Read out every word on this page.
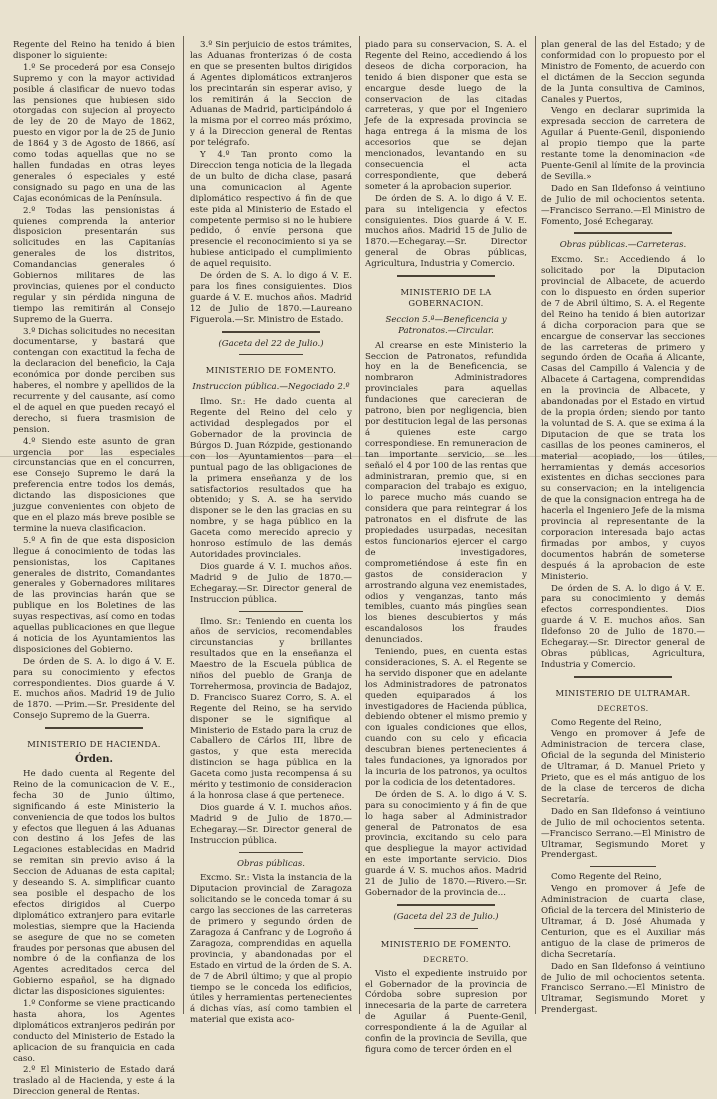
Regente del Reino ha tenido á bien disponer lo siguiente:

1.º Se procederá por esa Consejo Supremo y con la mayor actividad posible á clasificar de nuevo todas las pensiones que hubiesen sido otorgadas con sujecion al proyecto de ley de 20 de Mayo de 1862, puesto en vigor por la de 25 de Junio de 1864 y 3 de Agosto de 1866, así como todas aquellas que no se hallen fundadas en otras leyes generales ó especiales y esté consignado su pago en una de las Cajas económicas de la Península.

2.º Todas las pensionistas á quienes comprenda la anterior disposicion presentarán sus solicitudes en las Capitanías generales de los distritos, Comandancias generales ó Gobiernos militares de las provincias, quienes por el conducto regular y sin pérdida ninguna de tiempo las remitirán al Consejo Supremo de la Guerra.

3.º Dichas solicitudes no necesitan documentarse, y bastará que contengan con exactitud la fecha de la declaracion del beneficio, la Caja económica por donde perciben sus haberes, el nombre y apellidos de la recurrente y del causante, así como el de aquel en que pueden recayó el derecho, si fuera trasmision de pension.

4.º Siendo este asunto de gran urgencia por las especiales circunstancias que en el concurren, ese Consejo Supremo le dará la preferencia entre todos los demás, dictando las disposiciones que juzgue convenientes con objeto de que en el plazo más breve posible se termine la nueva clasificacion.

5.º A fin de que esta disposicion llegue á conocimiento de todas las pensionistas, los Capitanes generales de distrito, Comandantes generales y Gobernadores militares de las provincias harán que se publique en los Boletines de las suyas respectivas, así como en todas aquellas publicaciones en que llegue á noticia de los Ayuntamientos las disposiciones del Gobierno.

De órden de S. A. lo digo á V. E. para su conocimiento y efectos correspondientes. Dios guarde á V. E. muchos años. Madrid 19 de Julio de 1870. —Prim.—Sr. Presidente del Consejo Supremo de la Guerra.

MINISTERIO DE HACIENDA.
Órden.

He dado cuenta al Regente del Reino de la comunicacion de V. E., fecha 30 de Junio último, significando á este Ministerio la conveniencia de que todos los bultos y efectos que lleguen á las Aduanas con destino á los Jefes de las Legaciones establecidas en Madrid se remitan sin previo aviso á la Seccion de Aduanas de esta capital; y deseando S. A. simplificar cuanto sea posible el despacho de los efectos dirigidos al Cuerpo diplomático extranjero para evitarle molestias, siempre que la Hacienda se asegure de que no se cometen fraudes por personas que abusen del nombre ó de la confianza de los Agentes acreditados cerca del Gobierno español, se ha dignado dictar las disposiciones siguientes:

1.º Conforme se viene practicando hasta ahora, los Agentes diplomáticos extranjeros pedirán por conducto del Ministerio de Estado la aplicacion de su franquicia en cada caso.

2.º El Ministerio de Estado dará traslado al de Hacienda, y este á la Direccion general de Rentas.

3.º Sin perjuicio de estos trámites, las Aduanas fronterizas ó de costa en que se presenten bultos dirigidos á Agentes diplomáticos extranjeros los precintarán sin esperar aviso, y los remitirán á la Seccion de Aduanas de Madrid, participándolo á la misma por el correo más próximo, y á la Direccion general de Rentas por telégrafo.

Y 4.º Tan pronto como la Direccion tenga noticia de la llegada de un bulto de dicha clase, pasará una comunicacion al Agente diplomático respectivo á fin de que este pida al Ministerio de Estado el competente permiso si no le hubiere pedido, ó envíe persona que presencie el reconocimiento si ya se hubiese anticipado el cumplimiento de aquel requisito.

De órden de S. A. lo digo á V. E. para los fines consiguientes. Dios guarde á V. E. muchos años. Madrid 12 de Julio de 1870.—Laureano Figuerola.—Sr. Ministro de Estado.

(Gaceta del 22 de Julio.)
MINISTERIO DE FOMENTO.
Instruccion pública.—Negociado 2.º

Ilmo. Sr.: He dado cuenta al Regente del Reino del celo y actividad desplegados por el Gobernador de la provincia de Búrgos D. Juan Rózpide, gestionando con los Ayuntamientos para el puntual pago de las obligaciones de la primera enseñanza y de los satisfactorios resultados que ha obtenido; y S. A. se ha servido disponer se le den las gracias en su nombre, y se haga público en la Gaceta como merecido aprecio y honroso estímulo de las demás Autoridades provinciales.

Dios guarde á V. I. muchos años. Madrid 9 de Julio de 1870.—Echegaray.—Sr. Director general de Instruccion pública.

Ilmo. Sr.: Teniendo en cuenta los años de servicios, recomendables circunstancias y brillantes resultados que en la enseñanza el Maestro de la Escuela pública de niños del pueblo de Granja de Torrehermosa, provincia de Badajoz, D. Francisco Suarez Corro, S. A. el Regente del Reino, se ha servido disponer se le signifique al Ministerio de Estado para la cruz de Caballero de Cárlos III, libre de gastos, y que esta merecida distincion se haga pública en la Gaceta como justa recompensa á su mérito y testimonio de consideracion á la honrosa clase á que pertenece.

Dios guarde á V. I. muchos años. Madrid 9 de Julio de 1870.—Echegaray.—Sr. Director general de Instruccion pública.

Obras públicas.

Excmo. Sr.: Vista la instancia de la Diputacion provincial de Zaragoza solicitando se le conceda tomar á su cargo las secciones de las carreteras de primero y segundo órden de Zaragoza á Canfranc y de Logroño á Zaragoza, comprendidas en aquella provincia, y abandonadas por el Estado en virtud de la órden de S. A. de 7 de Abril último; y que al propio tiempo se le conceda los edificios, útiles y herramientas pertenecientes á dichas vías, así como tambien el material que exista aco-

piado para su conservacion, S. A. el Regente del Reino, accediendo á los deseos de dicha corporacion, ha tenido á bien disponer que esta se encargue desde luego de la conservacion de las citadas carreteras, y que por el Ingeniero Jefe de la expresada provincia se haga entrega á la misma de los accesorios que se dejan mencionados, levantando en su consecuencia el acta correspondiente, que deberá someter á la aprobacion superior.

De órden de S. A. lo digo á V. E. para su inteligencia y efectos consiguientes. Dios guarde á V. E. muchos años. Madrid 15 de Julio de 1870.—Echegaray.—Sr. Director general de Obras públicas, Agricultura, Industria y Comercio.

MINISTERIO DE LA GOBERNACION.
Seccion 5.ª—Beneficencia y Patronatos.—Circular.

Al crearse en este Ministerio la Seccion de Patronatos, refundida hoy en la de Beneficencia, se nombraron Administradores provinciales para aquellas fundaciones que carecieran de patrono, bien por negligencia, bien por destitucion legal de las personas á quienes este cargo correspondiese. En remuneracion de tan importante servicio, se les señaló el 4 por 100 de las rentas que administraran, premio que, si en comparacion del trabajo es exiguo, lo parece mucho más cuando se considera que para reintegrar á los patronatos en el disfrute de las propiedades usurpadas, necesitan estos funcionarios ejercer el cargo de investigadores, comprometiéndose á este fin en gastos de consideracion y arrostrando alguna vez enemistades, odios y venganzas, tanto más temibles, cuanto más pingües sean los bienes descubiertos y más escandalosos los fraudes denunciados.

Teniendo, pues, en cuenta estas consideraciones, S. A. el Regente se ha servido disponer que en adelante los Administradores de patronatos queden equiparados á los investigadores de Hacienda pública, debiendo obtener el mismo premio y con iguales condiciones que ellos, cuando con su celo y eficacia descubran bienes pertenecientes á tales fundaciones, ya ignorados por la incuria de los patronos, ya ocultos por la codicia de los detentadores.

De órden de S. A. lo digo á V. S. para su conocimiento y á fin de que lo haga saber al Administrador general de Patronatos de esa provincia, excitando su celo para que despliegue la mayor actividad en este importante servicio. Dios guarde á V. S. muchos años. Madrid 21 de Julio de 1870.—Rivero.—Sr. Gobernador de la provincia de...

(Gaceta del 23 de Julio.)
MINISTERIO DE FOMENTO.
DECRETO.

Visto el expediente instruido por el Gobernador de la provincia de Córdoba sobre supresion por innecesaria de la parte de carretera de Aguilar á Puente-Genil, correspondiente á la de Aguilar al confin de la provincia de Sevilla, que figura como de tercer órden en el

plan general de las del Estado; y de conformidad con lo propuesto por el Ministro de Fomento, de acuerdo con el dictámen de la Seccion segunda de la Junta consultiva de Caminos, Canales y Puertos,

Vengo en declarar suprimida la expresada seccion de carretera de Aguilar á Puente-Genil, disponiendo al propio tiempo que la parte restante tome la denominacion «de Puente-Genil al límite de la provincia de Sevilla.»

Dado en San Ildefonso á veintiuno de Julio de mil ochocientos setenta. —Francisco Serrano.—El Ministro de Fomento, José Echegaray.

Obras públicas.—Carreteras.

Excmo. Sr.: Accediendo á lo solicitado por la Diputacion provincial de Albacete, de acuerdo con lo dispuesto en órden superior de 7 de Abril último, S. A. el Regente del Reino ha tenido á bien autorizar á dicha corporacion para que se encargue de conservar las secciones de las carreteras de primero y segundo órden de Ocaña á Alicante, Casas del Campillo á Valencia y de Albacete á Cartagena, comprendidas en la provincia de Albacete, y abandonadas por el Estado en virtud de la propia órden; siendo por tanto la voluntad de S. A. que se exima á la Diputacion de que se trata los casillas de los peones camineros, el material acopiado, los útiles, herramientas y demás accesorios existentes en dichas secciones para su conservacion; en la inteligencia de que la consignacion entrega ha de hacerla el Ingeniero Jefe de la misma provincia al representante de la corporacion interesada bajo actas firmadas por ambos, y cuyos documentos habrán de someterse después á la aprobacion de este Ministerio.

De órden de S. A. lo digo á V. E. para su conocimiento y demás efectos correspondientes. Dios guarde á V. E. muchos años. San Ildefonso 20 de Julio de 1870.—Echegaray.—Sr. Director general de Obras públicas, Agricultura, Industria y Comercio.

MINISTERIO DE ULTRAMAR.
DECRETOS.

Como Regente del Reino,

Vengo en promover á Jefe de Administracion de tercera clase, Oficial de la segunda del Ministerio de Ultramar, á D. Manuel Prieto y Prieto, que es el más antiguo de los de la clase de terceros de dicha Secretaría.

Dado en San Ildefonso á veintiuno de Julio de mil ochocientos setenta. —Francisco Serrano.—El Ministro de Ultramar, Segismundo Moret y Prendergast.

Como Regente del Reino,

Vengo en promover á Jefe de Administracion de cuarta clase, Oficial de la tercera del Ministerio de Ultramar, á D. José Ahumada y Centurion, que es el Auxiliar más antiguo de la clase de primeros de dicha Secretaría.

Dado en San Ildefonso á veintiuno de Julio de mil ochocientos setenta. Francisco Serrano.—El Ministro de Ultramar, Segismundo Moret y Prendergast.
